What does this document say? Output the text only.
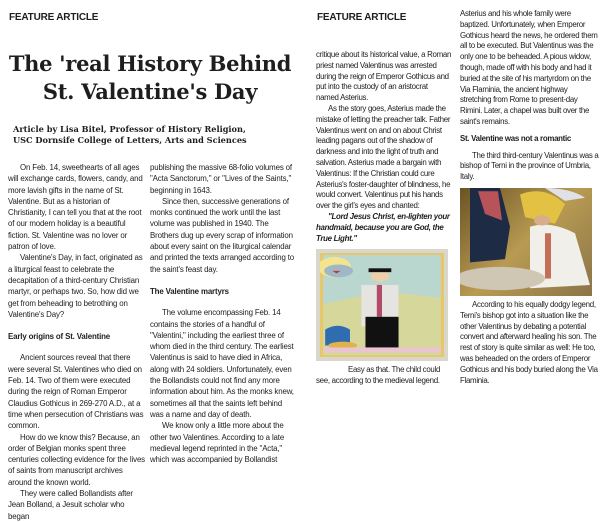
FEATURE ARTICLE
The 'real History Behind
St. Valentine's Day
Article by Lisa Bitel, Professor of History Religion,
USC Dornsife College of Letters, Arts and Sciences

On Feb. 14, sweethearts of all ages will exchange cards, flowers, candy, and more lavish gifts in the name of St. Valentine. But as a historian of Christianity, I can tell you that at the root of our modern holiday is a beautiful fiction. St. Valentine was no lover or patron of love.

Valentine's Day, in fact, originated as a liturgical feast to celebrate the decapitation of a third-century Christian martyr, or perhaps two. So, how did we get from beheading to betrothing on Valentine's Day?

Early origins of St. Valentine

Ancient sources reveal that there were several St. Valentines who died on Feb. 14. Two of them were executed during the reign of Roman Emperor Claudius Gothicus in 269-270 A.D., at a time when persecution of Christians was common.

How do we know this? Because, an order of Belgian monks spent three centuries collecting evidence for the lives of saints from manuscript archives around the known world.

They were called Bollandists after Jean Bolland, a Jesuit scholar who began

publishing the massive 68-folio volumes of "Acta Sanctorum," or "Lives of the Saints," beginning in 1643.

Since then, successive generations of monks continued the work until the last volume was published in 1940. The Brothers dug up every scrap of information about every saint on the liturgical calendar and printed the texts arranged according to the saint's feast day.

The Valentine martyrs

The volume encompassing Feb. 14 contains the stories of a handful of "Valentini," including the earliest three of whom died in the third century. The earliest Valentinus is said to have died in Africa, along with 24 soldiers. Unfortunately, even the Bollandists could not find any more information about him. As the monks knew, sometimes all that the saints left behind was a name and day of death.

We know only a little more about the other two Valentines. According to a late medieval legend reprinted in the "Acta," which was accompanied by Bollandist

FEATURE ARTICLE

critique about its historical value, a Roman priest named Valentinus was arrested during the reign of Emperor Gothicus and put into the custody of an aristocrat named Asterius.

As the story goes, Asterius made the mistake of letting the preacher talk. Father Valentinus went on and on about Christ leading pagans out of the shadow of darkness and into the light of truth and salvation. Asterius made a bargain with Valentinus: If the Christian could cure Asterius's foster-daughter of blindness, he would convert. Valentinus put his hands over the girl's eyes and chanted:

"Lord Jesus Christ, en-lighten your handmaid, because you are God, the True Light."

Easy as that. The child could see, according to the medieval legend.

Asterius and his whole family were baptized. Unfortunately, when Emperor Gothicus heard the news, he ordered them all to be executed. But Valentinus was the only one to be beheaded. A pious widow, though, made off with his body and had it buried at the site of his martyrdom on the Via Flaminia, the ancient highway stretching from Rome to present-day Rimini. Later, a chapel was built over the saint's remains.

St. Valentine was not a romantic

The third third-century Valentinus was a bishop of Terni in the province of Umbria, Italy.

According to his equally dodgy legend, Terni's bishop got into a situation like the other Valentinus by debating a potential convert and afterward healing his son. The rest of story is quite similar as well: He too, was beheaded on the orders of Emperor Gothicus and his body buried along the Via Flaminia.
